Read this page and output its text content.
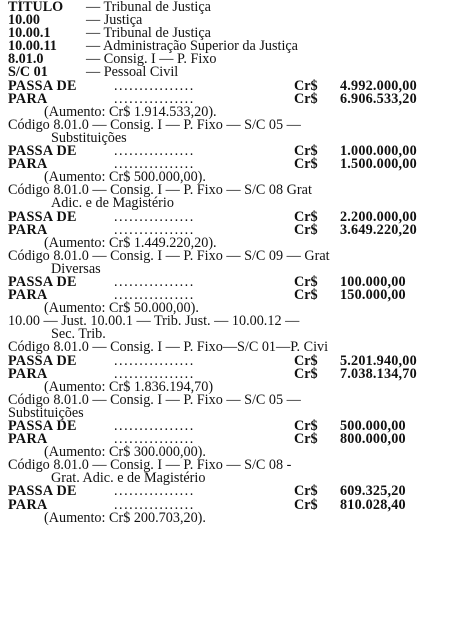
TÍTULO — Tribunal de Justiça
10.00	— Justiça
10.00.1 — Tribunal de Justiça
10.00.11 — Administração Superior da Justiça
8.01.0	— Consig. I — P. Fixo
S/C 01	— Pessoal Civil
PASSA DE	................	Cr$	4.992.000,00
PARA	................	Cr$	6.906.533,20
(Aumento: Cr$ 1.914.533,20).
Código 8.01.0 — Consig. I — P. Fixo — S/C 05 —
Substituições
PASSA DE	................	Cr$	1.000.000,00
PARA	................	Cr$	1.500.000,00
(Aumento: Cr$ 500.000,00).
Código 8.01.0 — Consig. I — P. Fixo — S/C 08 Grat
Adic. e de Magistério
PASSA DE	................	Cr$	2.200.000,00
PARA	................	Cr$	3.649.220,20
(Aumento: Cr$ 1.449.220,20).
Código 8.01.0 — Consig. I — P. Fixo — S/C 09 — Grat
Diversas
PASSA DE	................	Cr$	100.000,00
PARA	................	Cr$	150.000,00
(Aumento: Cr$ 50.000,00).
10.00 — Just. 10.00.1 — Trib. Just. — 10.00.12 —
Sec. Trib.
Código 8.01.0 — Consig. I — P. Fixo—S/C 01—P. Civi
PASSA DE	................	Cr$	5.201.940,00
PARA	................	Cr$	7.038.134,70
(Aumento: Cr$ 1.836.194,70)
Código 8.01.0 — Consig. I — P. Fixo — S/C 05 —
Substituições
PASSA DE	................	Cr$	500.000,00
PARA	................	Cr$	800.000,00
(Aumento: Cr$ 300.000,00).
Código 8.01.0 — Consig. I — P. Fixo — S/C 08 -
Grat. Adic. e de Magistério
PASSA DE	................	Cr$	609.325,20
PARA	................	Cr$	810.028,40
(Aumento: Cr$ 200.703,20).
